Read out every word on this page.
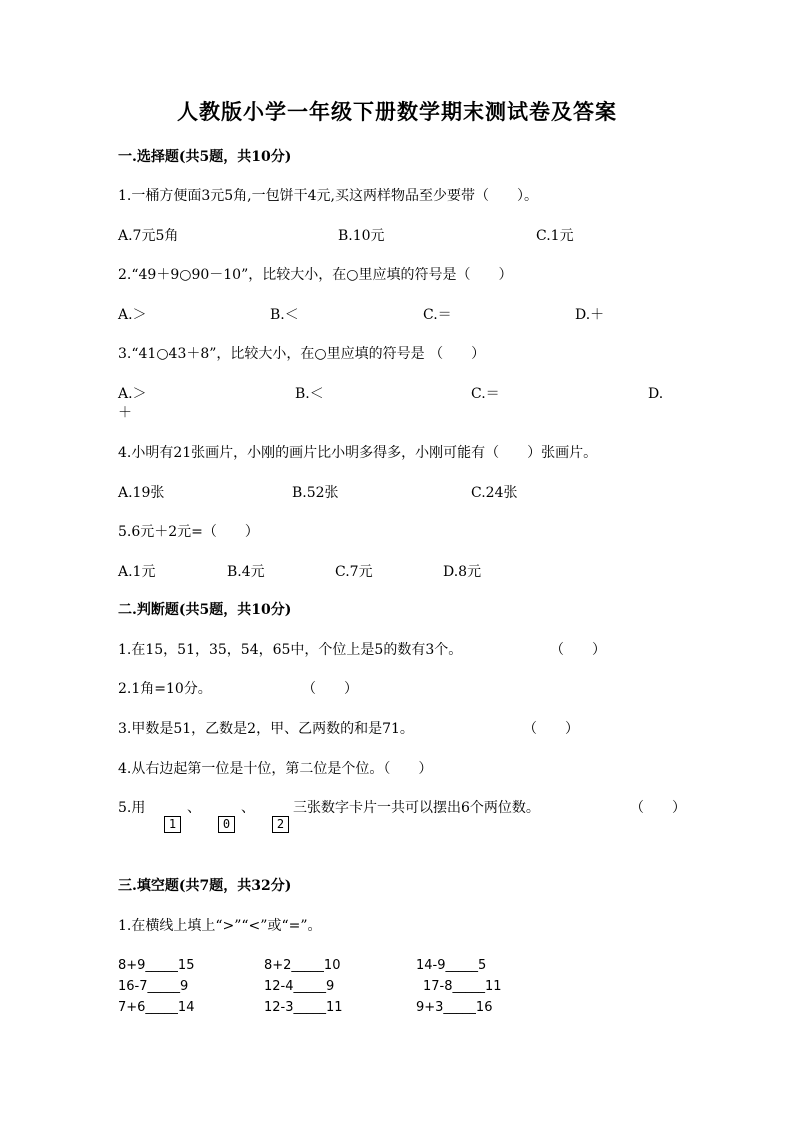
人教版小学一年级下册数学期末测试卷及答案
一.选择题(共5题，共10分)
1.一桶方便面3元5角,一包饼干4元,买这两样物品至少要带（　　）。
A.7元5角	B.10元	C.1元
2.“49＋9○90－10”，比较大小，在○里应填的符号是（　　）
A.＞	B.＜	C.＝	D.＋
3.“41○43＋8”，比较大小，在○里应填的符号是 （　　）
A.＞	B.＜	C.＝	D.
＋
4.小明有21张画片，小刚的画片比小明多得多，小刚可能有（　　）张画片。
A.19张	B.52张	C.24张
5.6元＋2元=（　　）
A.1元	B.4元	C.7元	D.8元
二.判断题(共5题，共10分)
1.在15，51，35，54，65中，个位上是5的数有3个。	（　　）
2.1角=10分。	（　　）
3.甲数是51，乙数是2，甲、乙两数的和是71。	（　　）
4.从右边起第一位是十位，第二位是个位。（　　）
5.用	、	、	三张数字卡片一共可以摆出6个两位数。	（　　）
1	0	2
三.填空题(共7题，共32分)
1.在横线上填上“>”“<”或“=”。
8+9_____15	8+2_____10	14-9_____5
16-7_____9	12-4_____9	17-8_____11
7+6_____14	12-3_____11	9+3_____16
